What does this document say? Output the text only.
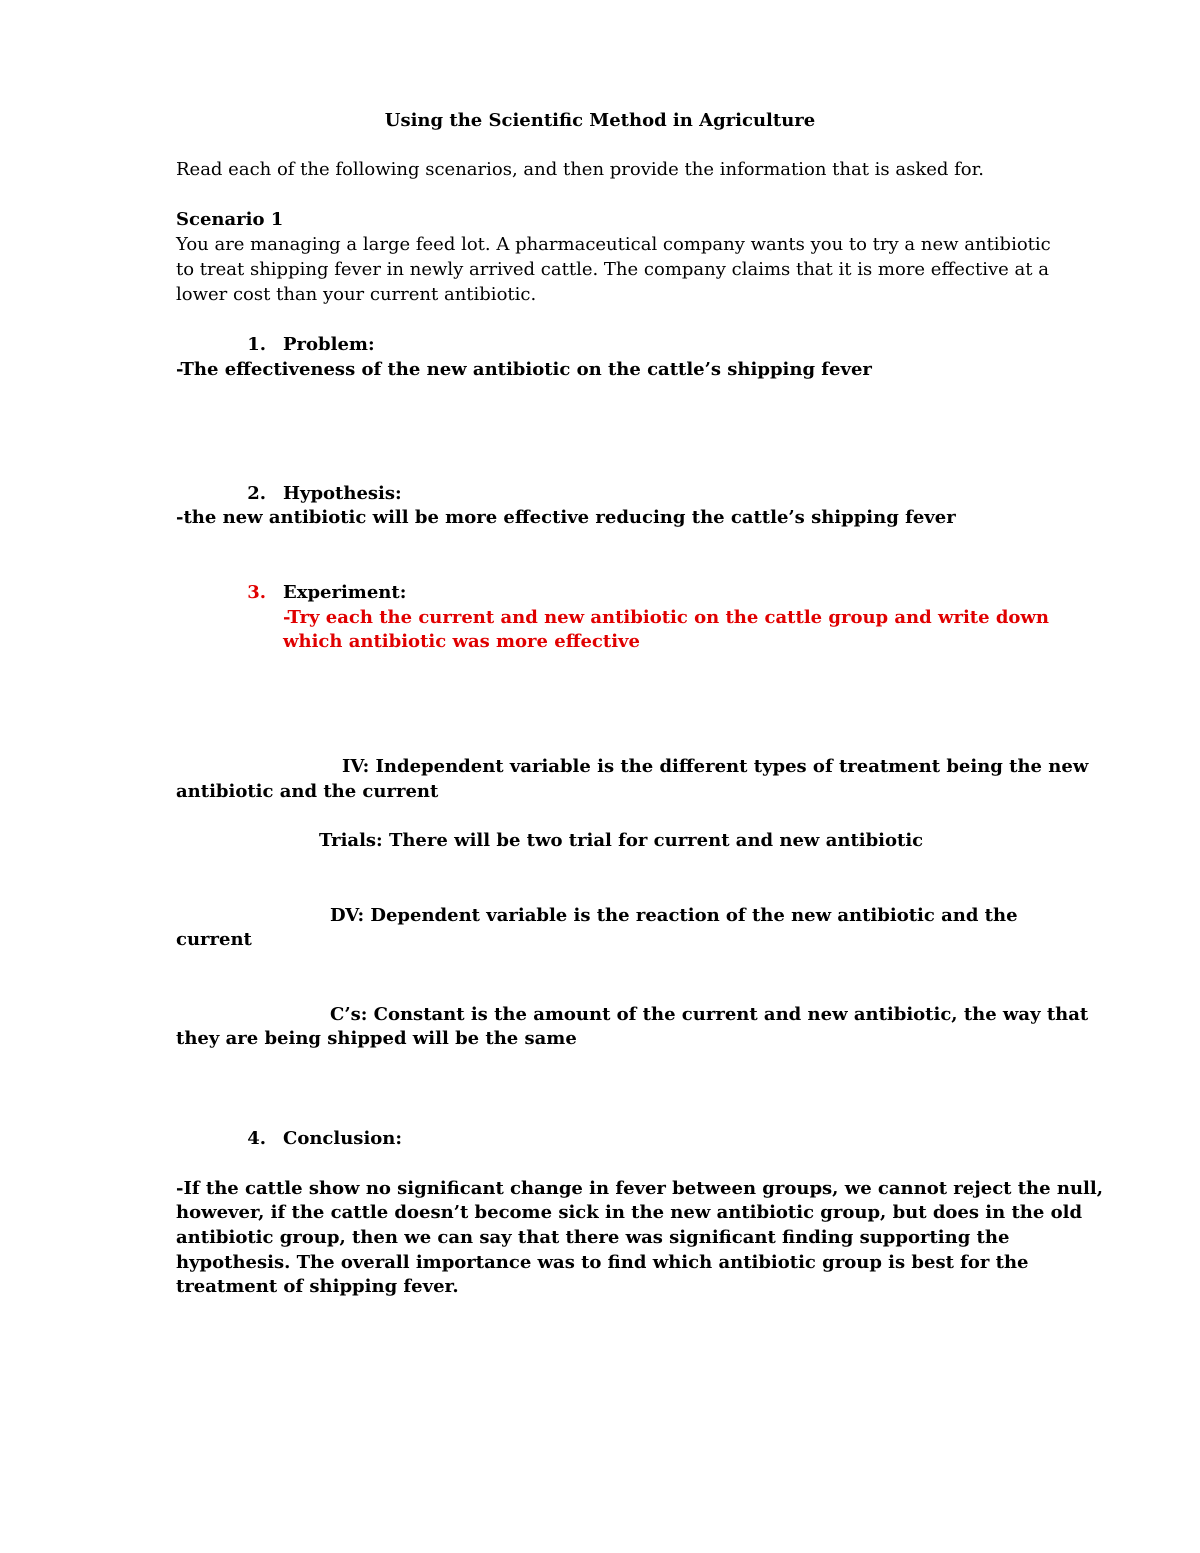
Using the Scientific Method in Agriculture
Read each of the following scenarios, and then provide the information that is asked for.
Scenario 1
You are managing a large feed lot. A pharmaceutical company wants you to try a new antibiotic
to treat shipping fever in newly arrived cattle. The company claims that it is more effective at a
lower cost than your current antibiotic.
1. Problem:
-The effectiveness of the new antibiotic on the cattle’s shipping fever
2. Hypothesis:
-the new antibiotic will be more effective reducing the cattle’s shipping fever
3. Experiment:
-Try each the current and new antibiotic on the cattle group and write down
which antibiotic was more effective
IV: Independent variable is the different types of treatment being the new
antibiotic and the current
Trials: There will be two trial for current and new antibiotic
DV: Dependent variable is the reaction of the new antibiotic and the
current
C’s: Constant is the amount of the current and new antibiotic, the way that
they are being shipped will be the same
4. Conclusion:
-If the cattle show no significant change in fever between groups, we cannot reject the null,
however, if the cattle doesn’t become sick in the new antibiotic group, but does in the old
antibiotic group, then we can say that there was significant finding supporting the
hypothesis. The overall importance was to find which antibiotic group is best for the
treatment of shipping fever.
